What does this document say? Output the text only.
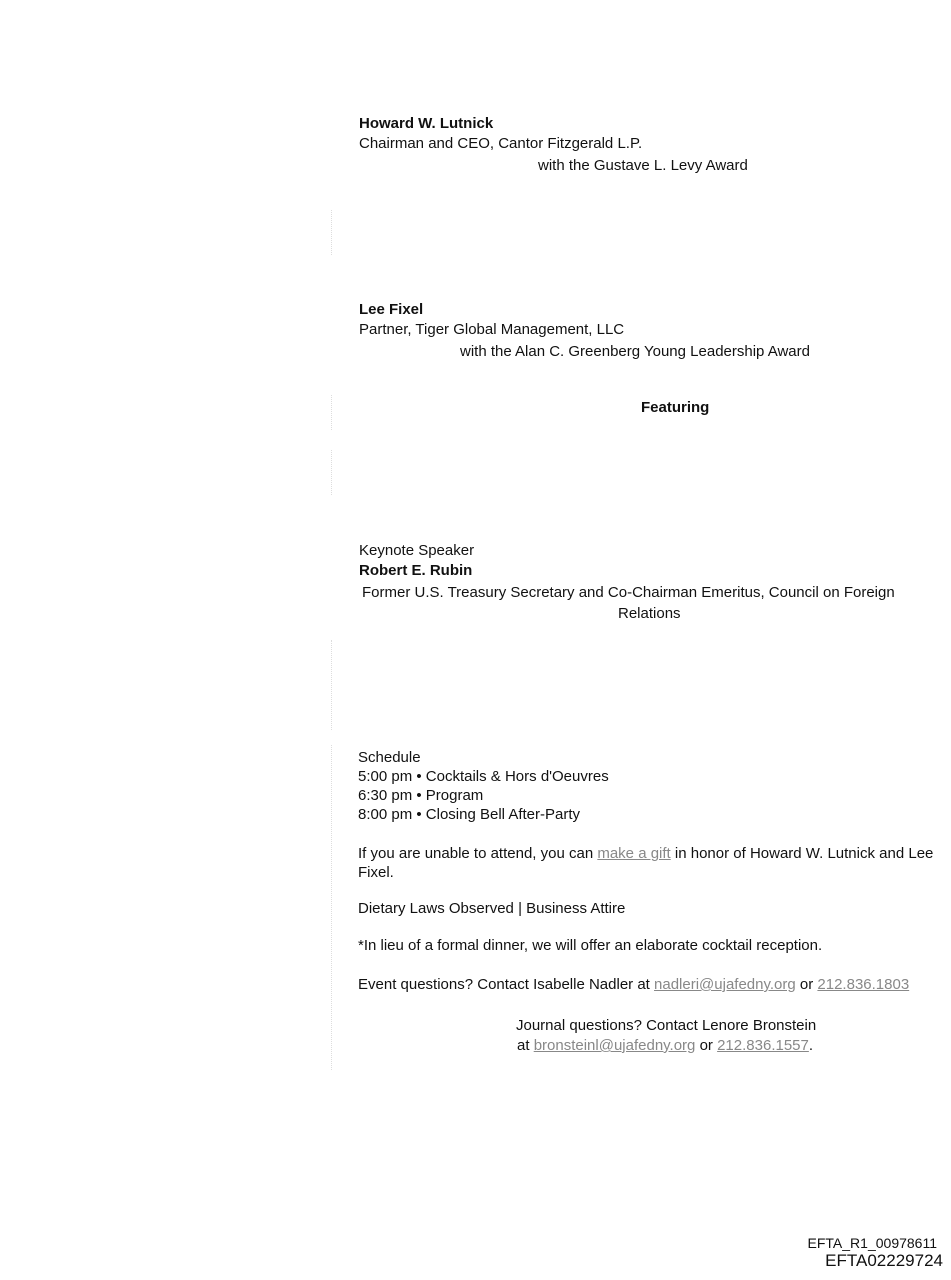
Howard W. Lutnick
Chairman and CEO, Cantor Fitzgerald L.P.
with the Gustave L. Levy Award
Lee Fixel
Partner, Tiger Global Management, LLC
with the Alan C. Greenberg Young Leadership Award
Featuring
Keynote Speaker
Robert E. Rubin
Former U.S. Treasury Secretary and Co-Chairman Emeritus, Council on Foreign
Relations
Schedule
5:00 pm • Cocktails & Hors d'Oeuvres
6:30 pm • Program
8:00 pm • Closing Bell After-Party
If you are unable to attend, you can make a gift in honor of Howard W. Lutnick and Lee
Fixel.
Dietary Laws Observed | Business Attire
*In lieu of a formal dinner, we will offer an elaborate cocktail reception.
Event questions? Contact Isabelle Nadler at nadleri@ujafedny.org or 212.836.1803
Journal questions? Contact Lenore Bronstein
at bronsteinl@ujafedny.org or 212.836.1557.
EFTA_R1_00978611
EFTA02229724
